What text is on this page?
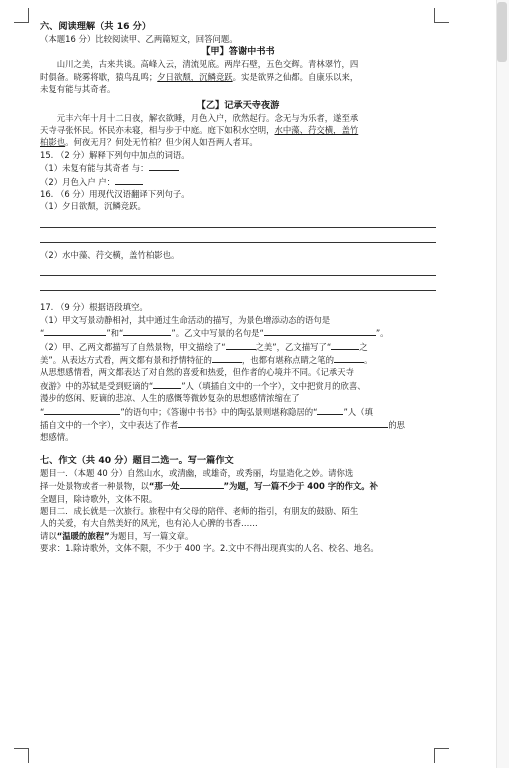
六、阅读理解（共 16 分）

（本题16 分）比较阅读甲、乙两篇短文，回答问题。

【甲】答谢中书书

山川之美，古来共谈。高峰入云，清流见底。两岸石壁，五色交辉。青林翠竹，四

时俱备。晓雾将歇，猿鸟乱鸣；夕日欲颓，沉鳞竞跃。实是欲界之仙都。自康乐以来，

未复有能与其奇者。

【乙】记承天寺夜游

元丰六年十月十二日夜，解衣欲睡，月色入户，欣然起行。念无与为乐者，遂至承

天寺寻张怀民。怀民亦未寝，相与步于中庭。庭下如积水空明，水中藻、荇交横，盖竹

柏影也。何夜无月？何处无竹柏？但少闲人如吾两人者耳。

15. （2 分）解释下列句中加点的词语。

（1）未复有能与其奇者 与：

（2）月色入户 户：

16. （6 分）用现代汉语翻译下列句子。

（1）夕日欲颓，沉鳞竞跃。

（2）水中藻、荇交横，盖竹柏影也。

17. （9 分）根据语段填空。

（1）甲文写景动静相衬，其中通过生命活动的描写，为景色增添动态的语句是

“	”和“	”。乙文中写景的名句是“	”。

（2）甲、乙两文都描写了自然景物，甲文描绘了“	之美”，乙文描写了“	之

美”。从表达方式看，两文都有景和抒情特征的	，也都有堪称点睛之笔的	。

从思想感情看，两文都表达了对自然的喜爱和热爱，但作者的心境并不同。《记承天寺

夜游》中的苏轼是受到贬谪的“	”人（填插自文中的一个字），文中把赏月的欣喜、

漫步的悠闲、贬谪的悲凉、人生的感慨等微妙复杂的思想感情浓缩在了

“	”的语句中；《答谢中书书》中的陶弘景则堪称隐居的“	”人（填

插自文中的一个字），文中表达了作者	的思

想感情。

七、作文（共 40 分）题目二选一。写一篇作文

题目一．（本题 40 分）自然山水，或清幽，或雄奇，或秀丽，均显造化之妙。请你选

择一处景物或者一种景物，以“那一处	”为题，写一篇不少于 400 字的作文。补

全题目，除诗歌外，文体不限。

题目二．成长就是一次旅行。旅程中有父母的陪伴、老师的指引，有朋友的鼓励、陌生

人的关爱，有大自然美好的风光，也有沁人心脾的书香……

请以“温暖的旅程”为题目，写一篇文章。

要求：1.除诗歌外，文体不限，不少于 400 字。2.文中不得出现真实的人名、校名、地名。
